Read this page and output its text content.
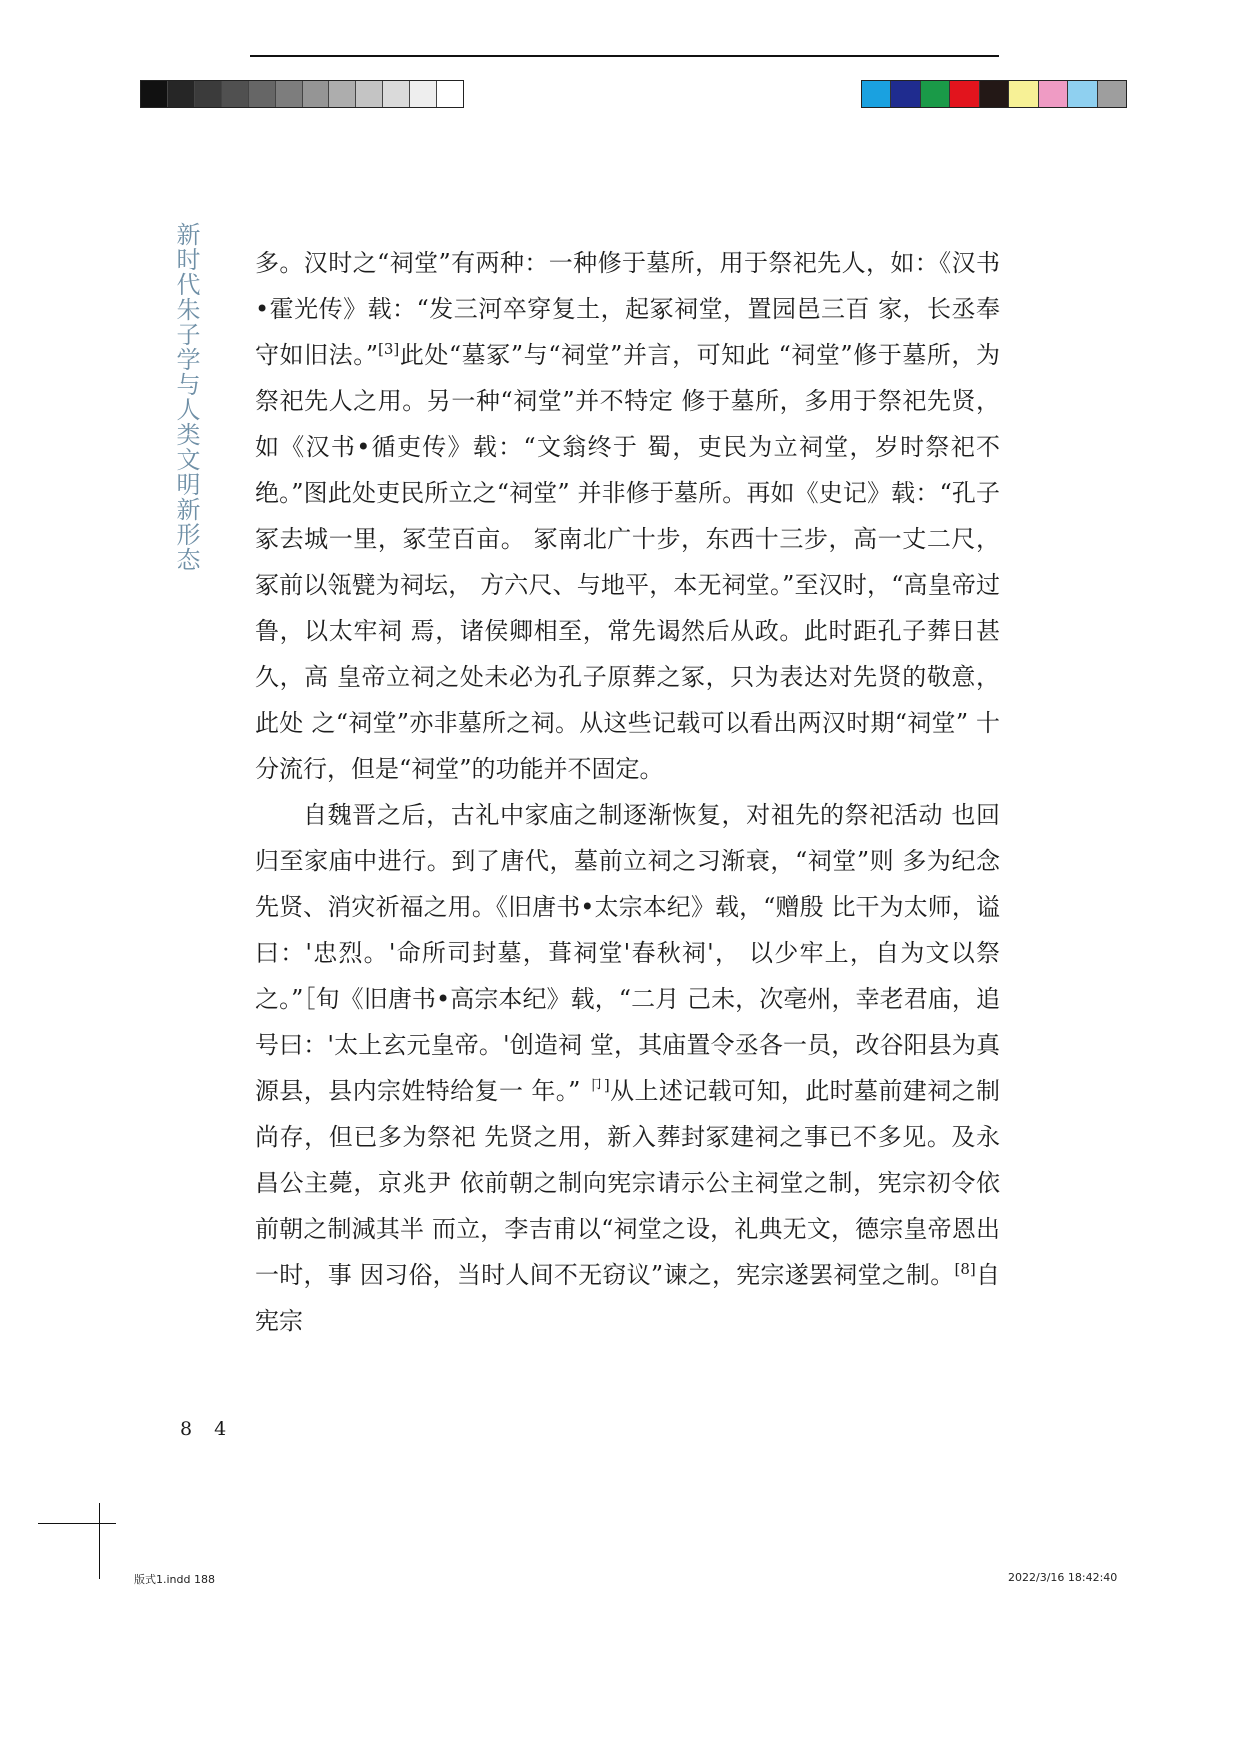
新时代朱子学与人类文明新形态 多。汉时之“祠堂”有两种：一种修于墓所，用于祭祀先人，如：《汉书•霍光传》载：“发三河卒穿复土，起冢祠堂，置园邑三百 家，长丞奉守如旧法。”[3]此处“墓冢”与“祠堂”并言，可知此 “祠堂”修于墓所，为祭祀先人之用。另一种“祠堂”并不特定 修于墓所，多用于祭祀先贤，如《汉书•循吏传》载：“文翁终于 蜀，吏民为立祠堂，岁时祭祀不绝。”图此处吏民所立之“祠堂” 并非修于墓所。再如《史记》载：“孔子冢去城一里，冢茔百亩。 冢南北广十步，东西十三步，高一丈二尺，冢前以瓴甓为祠坛， 方六尺、与地平，本无祠堂。”至汉时，“高皇帝过鲁，以太牢祠 焉，诸侯卿相至，常先谒然后从政。此时距孔子葬日甚久，高 皇帝立祠之处未必为孔子原葬之冢，只为表达对先贤的敬意，此处 之“祠堂”亦非墓所之祠。从这些记载可以看出两汉时期“祠堂” 十分流行，但是“祠堂”的功能并不固定。

自魏晋之后，古礼中家庙之制逐渐恢复，对祖先的祭祀活动 也回归至家庙中进行。到了唐代，墓前立祠之习渐衰，“祠堂”则 多为纪念先贤、消灾祈福之用。《旧唐书•太宗本纪》载，“赠殷 比干为太师，谥曰：'忠烈。'命所司封墓，葺祠堂'春秋祠'， 以少牢上，自为文以祭之。”［旬《旧唐书•高宗本纪》载，“二月 己未，次亳州，幸老君庙，追号曰：'太上玄元皇帝。'创造祠 堂，其庙置令丞各一员，改谷阳县为真源县，县内宗姓特给复一 年。” $^{卩]}$从上述记载可知，此时墓前建祠之制尚存，但已多为祭祀 先贤之用，新入葬封冢建祠之事已不多见。及永昌公主薨，京兆尹 依前朝之制向宪宗请示公主祠堂之制，宪宗初令依前朝之制減其半 而立，李吉甫以“祠堂之设，礼典无文，德宗皇帝恩出一时，事 因习俗，当时人间不无窃议”谏之，宪宗遂罢祠堂之制。[8]自宪宗

8 4
版式1.indd 188	2022/3/16 18:42:40
